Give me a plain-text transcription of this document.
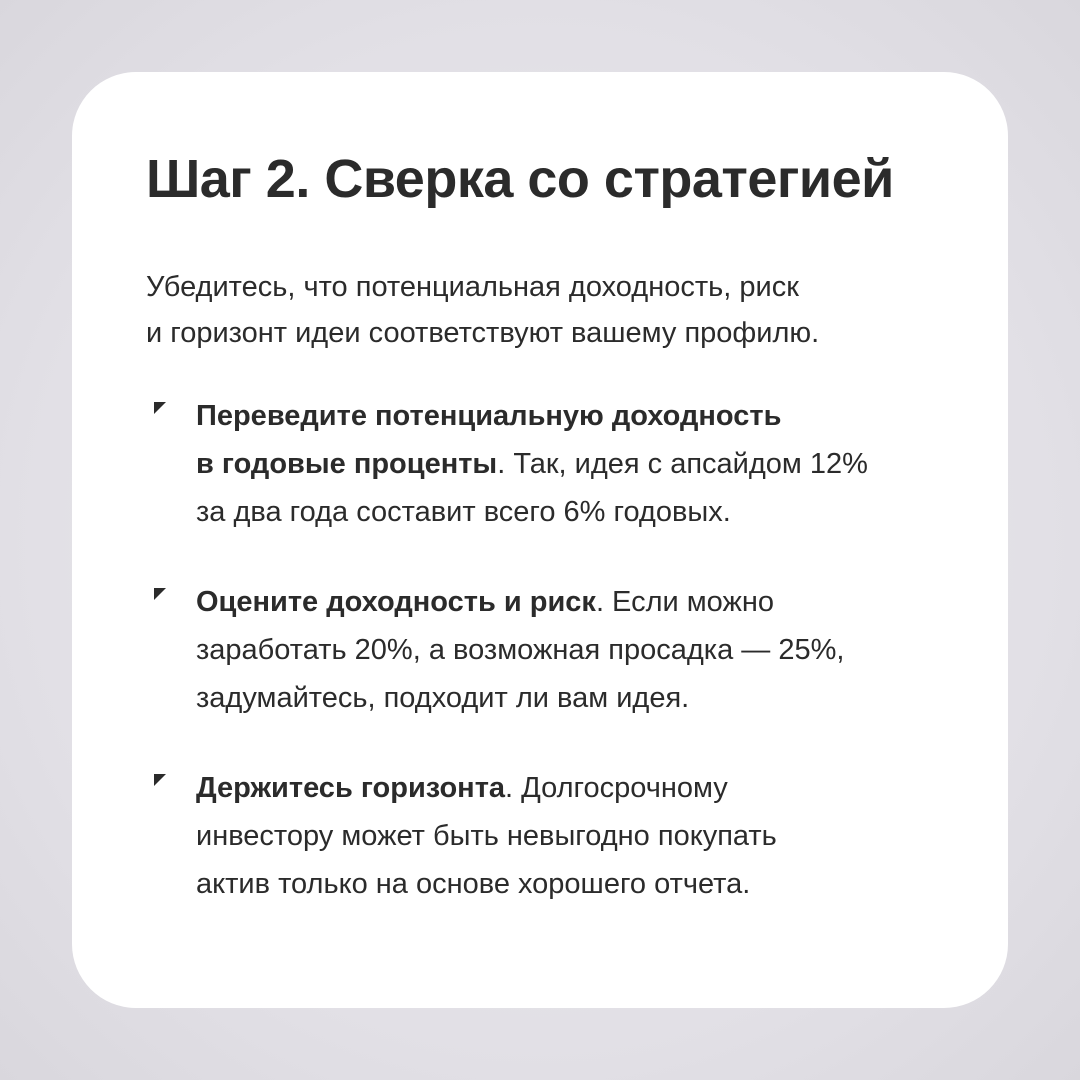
Шаг 2. Сверка со стратегией

Убедитесь, что потенциальная доходность, риск
и горизонт идеи соответствуют вашему профилю.

Переведите потенциальную доходность
в годовые проценты. Так, идея с апсайдом 12%
за два года составит всего 6% годовых.
Оцените доходность и риск. Если можно
заработать 20%, а возможная просадка — 25%,
задумайтесь, подходит ли вам идея.
Держитесь горизонта. Долгосрочному
инвестору может быть невыгодно покупать
актив только на основе хорошего отчета.
